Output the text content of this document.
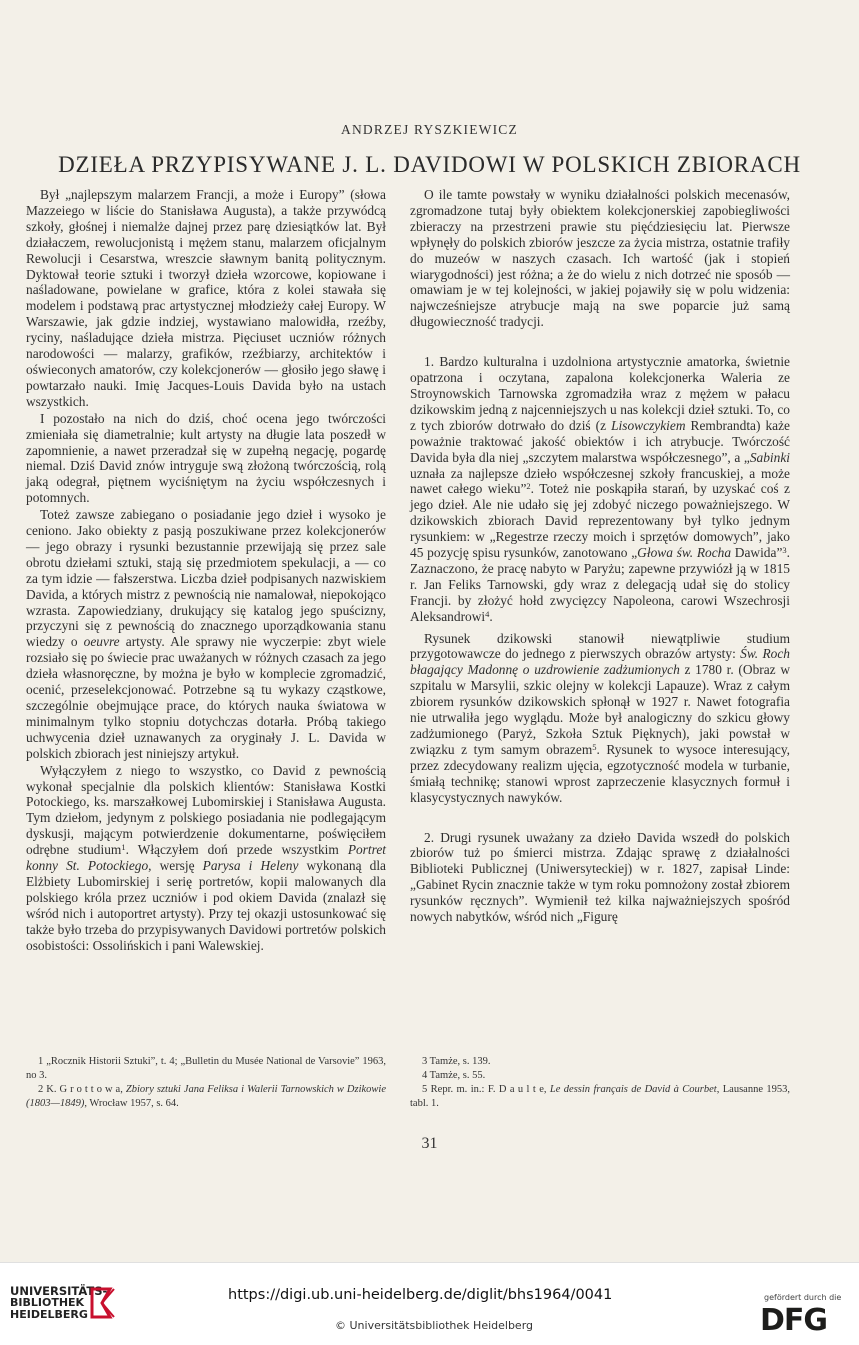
ANDRZEJ RYSZKIEWICZ
DZIEŁA PRZYPISYWANE J. L. DAVIDOWI W POLSKICH ZBIORACH

Był „najlepszym malarzem Francji, a może i Europy” (słowa Mazzeiego w liście do Stanisława Augusta), a także przywódcą szkoły, głośnej i niemalże dajnej przez parę dziesiątków lat. Był działaczem, rewolucjonistą i mężem stanu, malarzem oficjalnym Rewolucji i Cesarstwa, wreszcie sławnym banitą politycznym. Dyktował teorie sztuki i tworzył dzieła wzorcowe, kopiowane i naśladowane, powielane w grafice, która z kolei stawała się modelem i podstawą prac artystycznej młodzieży całej Europy. W Warszawie, jak gdzie indziej, wystawiano malowidła, rzeźby, ryciny, naśladujące dzieła mistrza. Pięciuset uczniów różnych narodowości — malarzy, grafików, rzeźbiarzy, architektów i oświeconych amatorów, czy kolekcjonerów — głosiło jego sławę i powtarzało nauki. Imię Jacques-Louis Davida było na ustach wszystkich.

I pozostało na nich do dziś, choć ocena jego twórczości zmieniała się diametralnie; kult artysty na długie lata poszedł w zapomnienie, a nawet przeradzał się w zupełną negację, pogardę niemal. Dziś David znów intryguje swą złożoną twórczością, rolą jaką odegrał, piętnem wyciśniętym na życiu współczesnych i potomnych.

Toteż zawsze zabiegano o posiadanie jego dzieł i wysoko je ceniono. Jako obiekty z pasją poszukiwane przez kolekcjonerów — jego obrazy i rysunki bezustannie przewijają się przez sale obrotu dziełami sztuki, stają się przedmiotem spekulacji, a — co za tym idzie — fałszerstwa. Liczba dzieł podpisanych nazwiskiem Davida, a których mistrz z pewnością nie namalował, niepokojąco wzrasta. Zapowiedziany, drukujący się katalog jego spuścizny, przyczyni się z pewnością do znacznego uporządkowania stanu wiedzy o oeuvre artysty. Ale sprawy nie wyczerpie: zbyt wiele rozsiało się po świecie prac uważanych w różnych czasach za jego dzieła własnoręczne, by można je było w komplecie zgromadzić, ocenić, przeselekcjonować. Potrzebne są tu wykazy cząstkowe, szczególnie obejmujące prace, do których nauka światowa w minimalnym tylko stopniu dotychczas dotarła. Próbą takiego uchwycenia dzieł uznawanych za oryginały J. L. Davida w polskich zbiorach jest niniejszy artykuł.

Wyłączyłem z niego to wszystko, co David z pewnością wykonał specjalnie dla polskich klientów: Stanisława Kostki Potockiego, ks. marszałkowej Lubomirskiej i Stanisława Augusta. Tym dziełom, jedynym z polskiego posiadania nie podlegającym dyskusji, mającym potwierdzenie dokumentarne, poświęciłem odrębne studium$^1$. Włączyłem doń przede wszystkim Portret konny St. Potockiego, wersję Parysa i Heleny wykonaną dla Elżbiety Lubomirskiej i serię portretów, kopii malowanych dla polskiego króla przez uczniów i pod okiem Davida (znalazł się wśród nich i autoportret artysty). Przy tej okazji ustosunkować się także było trzeba do przypisywanych Davidowi portretów polskich osobistości: Ossolińskich i pani Walewskiej.

O ile tamte powstały w wyniku działalności polskich mecenasów, zgromadzone tutaj były obiektem kolekcjonerskiej zapobiegliwości zbieraczy na przestrzeni prawie stu pięćdziesięciu lat. Pierwsze wpłynęły do polskich zbiorów jeszcze za życia mistrza, ostatnie trafiły do muzeów w naszych czasach. Ich wartość (jak i stopień wiarygodności) jest różna; a że do wielu z nich dotrzeć nie sposób — omawiam je w tej kolejności, w jakiej pojawiły się w polu widzenia: najwcześniejsze atrybucje mają na swe poparcie już samą długowieczność tradycji.

1. Bardzo kulturalna i uzdolniona artystycznie amatorka, świetnie opatrzona i oczytana, zapalona kolekcjonerka Waleria ze Stroynowskich Tarnowska zgromadziła wraz z mężem w pałacu dzikowskim jedną z najcenniejszych u nas kolekcji dzieł sztuki. To, co z tych zbiorów dotrwało do dziś (z Lisowczykiem Rembrandta) każe poważnie traktować jakość obiektów i ich atrybucje. Twórczość Davida była dla niej „szczytem malarstwa współczesnego”, a „Sabinki uznała za najlepsze dzieło współczesnej szkoły francuskiej, a może nawet całego wieku”$^2$. Toteż nie poskąpiła starań, by uzyskać coś z jego dzieł. Ale nie udało się jej zdobyć niczego poważniejszego. W dzikowskich zbiorach David reprezentowany był tylko jednym rysunkiem: w „Regestrze rzeczy moich i sprzętów domowych”, jako 45 pozycję spisu rysunków, zanotowano „Głowa św. Rocha Dawida”$^3$. Zaznaczono, że pracę nabyto w Paryżu; zapewne przywiózł ją w 1815 r. Jan Feliks Tarnowski, gdy wraz z delegacją udał się do stolicy Francji. by złożyć hołd zwycięzcy Napoleona, carowi Wszechrosji Aleksandrowi$^4$.

Rysunek dzikowski stanowił niewątpliwie studium przygotowawcze do jednego z pierwszych obrazów artysty: Św. Roch błagający Madonnę o uzdrowienie zadżumionych z 1780 r. (Obraz w szpitalu w Marsylii, szkic olejny w kolekcji Lapauze). Wraz z całym zbiorem rysunków dzikowskich spłonął w 1927 r. Nawet fotografia nie utrwaliła jego wyglądu. Może był analogiczny do szkicu głowy zadżumionego (Paryż, Szkoła Sztuk Pięknych), jaki powstał w związku z tym samym obrazem$^5$. Rysunek to wysoce interesujący, przez zdecydowany realizm ujęcia, egzotyczność modela w turbanie, śmiałą technikę; stanowi wprost zaprzeczenie klasycznych formuł i klasycystycznych nawyków.

2. Drugi rysunek uważany za dzieło Davida wszedł do polskich zbiorów tuż po śmierci mistrza. Zdając sprawę z działalności Biblioteki Publicznej (Uniwersyteckiej) w r. 1827, zapisał Linde: „Gabinet Rycin znacznie także w tym roku pomnożony został zbiorem rysunków ręcznych”. Wymienił też kilka najważniejszych spośród nowych nabytków, wśród nich „Figurę

1 „Rocznik Historii Sztuki”, t. 4; „Bulletin du Musée National de Varsovie” 1963, no 3.
2 K. G r o t t o w a, Zbiory sztuki Jana Feliksa i Walerii Tarnowskich w Dzikowie (1803—1849), Wrocław 1957, s. 64.
3 Tamże, s. 139.
4 Tamże, s. 55.
5 Repr. m. in.: F. D a u l t e, Le dessin français de David à Courbet, Lausanne 1953, tabl. 1.
31
UNIVERSITÄTS-
BIBLIOTHEK
HEIDELBERG
https://digi.ub.uni-heidelberg.de/diglit/bhs1964/0041
© Universitätsbibliothek Heidelberg
gefördert durch die
DFG
